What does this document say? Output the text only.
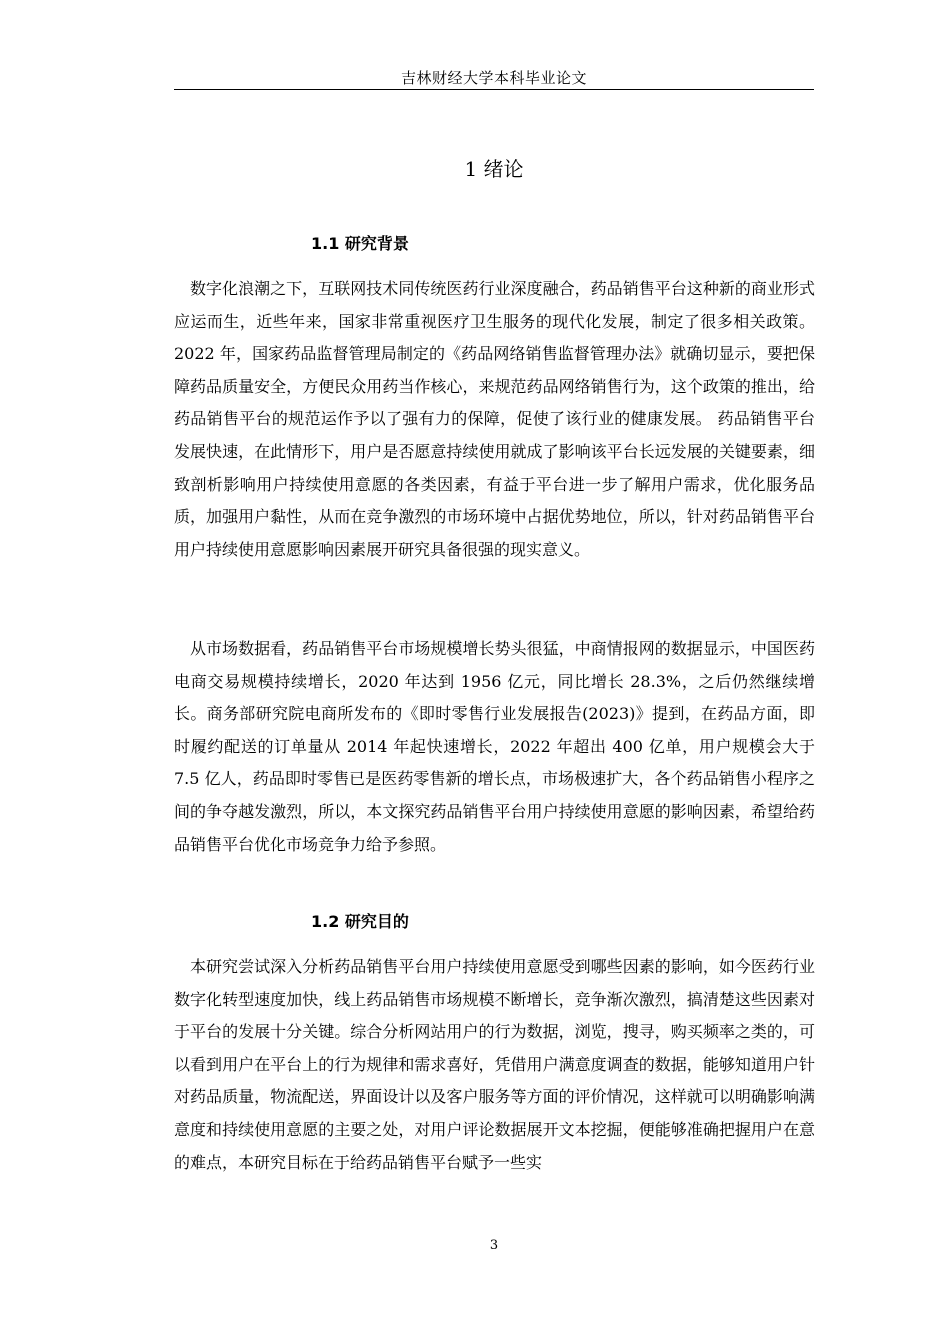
吉林财经大学本科毕业论文
1 绪论
1.1 研究背景

数字化浪潮之下，互联网技术同传统医药行业深度融合，药品销售平台这种新的商业形式应运而生，近些年来，国家非常重视医疗卫生服务的现代化发展，制定了很多相关政策。2022 年，国家药品监督管理局制定的《药品网络销售监督管理办法》就确切显示，要把保障药品质量安全，方便民众用药当作核心，来规范药品网络销售行为，这个政策的推出，给药品销售平台的规范运作予以了强有力的保障，促使了该行业的健康发展。 药品销售平台发展快速，在此情形下，用户是否愿意持续使用就成了影响该平台长远发展的关键要素，细致剖析影响用户持续使用意愿的各类因素，有益于平台进一步了解用户需求，优化服务品质，加强用户黏性，从而在竞争激烈的市场环境中占据优势地位，所以，针对药品销售平台用户持续使用意愿影响因素展开研究具备很强的现实意义。

从市场数据看，药品销售平台市场规模增长势头很猛，中商情报网的数据显示，中国医药电商交易规模持续增长，2020 年达到 1956 亿元，同比增长 28.3%，之后仍然继续增长。商务部研究院电商所发布的《即时零售行业发展报告(2023)》提到，在药品方面，即时履约配送的订单量从 2014 年起快速增长，2022 年超出 400 亿单，用户规模会大于 7.5 亿人，药品即时零售已是医药零售新的增长点，市场极速扩大，各个药品销售小程序之间的争夺越发激烈，所以，本文探究药品销售平台用户持续使用意愿的影响因素，希望给药品销售平台优化市场竞争力给予参照。

1.2 研究目的

本研究尝试深入分析药品销售平台用户持续使用意愿受到哪些因素的影响，如今医药行业数字化转型速度加快，线上药品销售市场规模不断增长，竞争渐次激烈，搞清楚这些因素对于平台的发展十分关键。综合分析网站用户的行为数据，浏览，搜寻，购买频率之类的，可以看到用户在平台上的行为规律和需求喜好，凭借用户满意度调查的数据，能够知道用户针对药品质量，物流配送，界面设计以及客户服务等方面的评价情况，这样就可以明确影响满意度和持续使用意愿的主要之处，对用户评论数据展开文本挖掘，便能够准确把握用户在意的难点，本研究目标在于给药品销售平台赋予一些实

3
